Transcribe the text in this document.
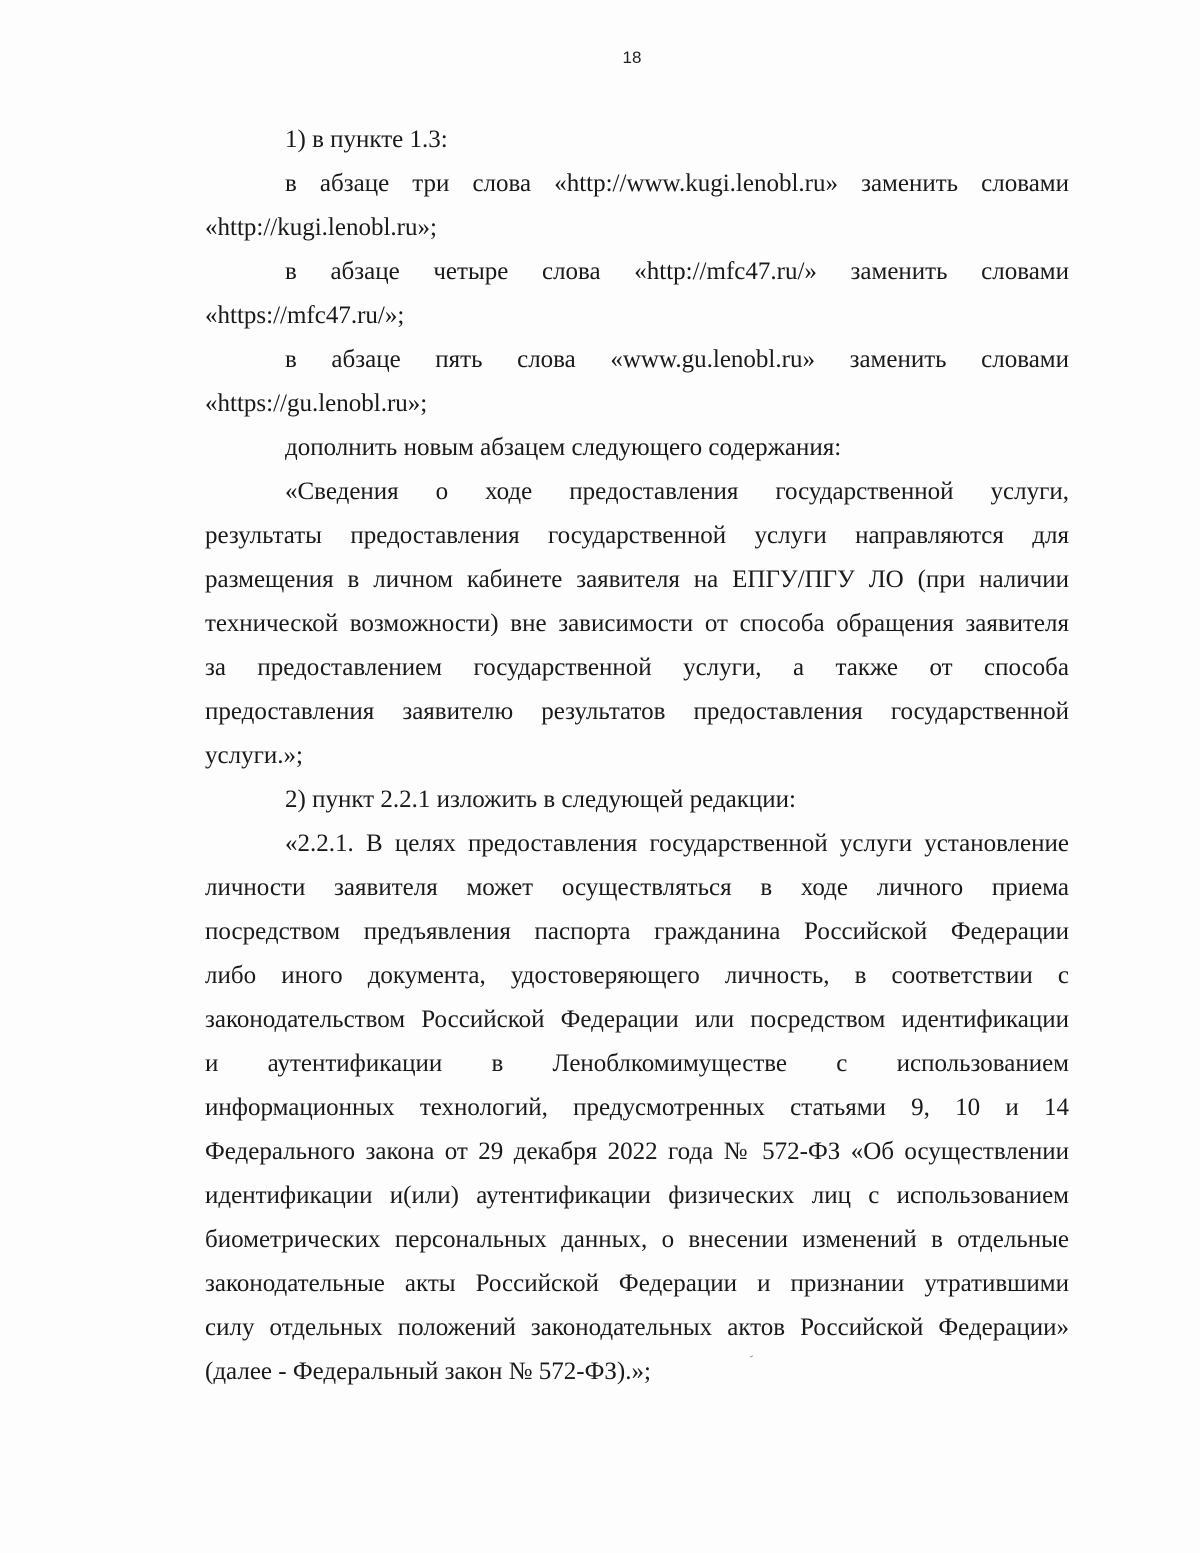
18
1) в пункте 1.3:
в абзаце три слова «http://www.kugi.lenobl.ru» заменить словами
«http://kugi.lenobl.ru»;
в абзаце четыре слова «http://mfc47.ru/» заменить словами
«https://mfc47.ru/»;
в абзаце пять слова «www.gu.lenobl.ru» заменить словами
«https://gu.lenobl.ru»;
дополнить новым абзацем следующего содержания:
«Сведения о ходе предоставления государственной услуги,
результаты предоставления государственной услуги направляются для
размещения в личном кабинете заявителя на ЕПГУ/ПГУ ЛО (при наличии
технической возможности) вне зависимости от способа обращения заявителя
за предоставлением государственной услуги, а также от способа
предоставления заявителю результатов предоставления государственной
услуги.»;
2) пункт 2.2.1 изложить в следующей редакции:
«2.2.1. В целях предоставления государственной услуги установление
личности заявителя может осуществляться в ходе личного приема
посредством предъявления паспорта гражданина Российской Федерации
либо иного документа, удостоверяющего личность, в соответствии с
законодательством Российской Федерации или посредством идентификации
и аутентификации в Леноблкомимуществе с использованием
информационных технологий, предусмотренных статьями 9, 10 и 14
Федерального закона от 29 декабря 2022 года № 572-ФЗ «Об осуществлении
идентификации и(или) аутентификации физических лиц с использованием
биометрических персональных данных, о внесении изменений в отдельные
законодательные акты Российской Федерации и признании утратившими
силу отдельных положений законодательных актов Российской Федерации»
(далее - Федеральный закон № 572-ФЗ).»;
